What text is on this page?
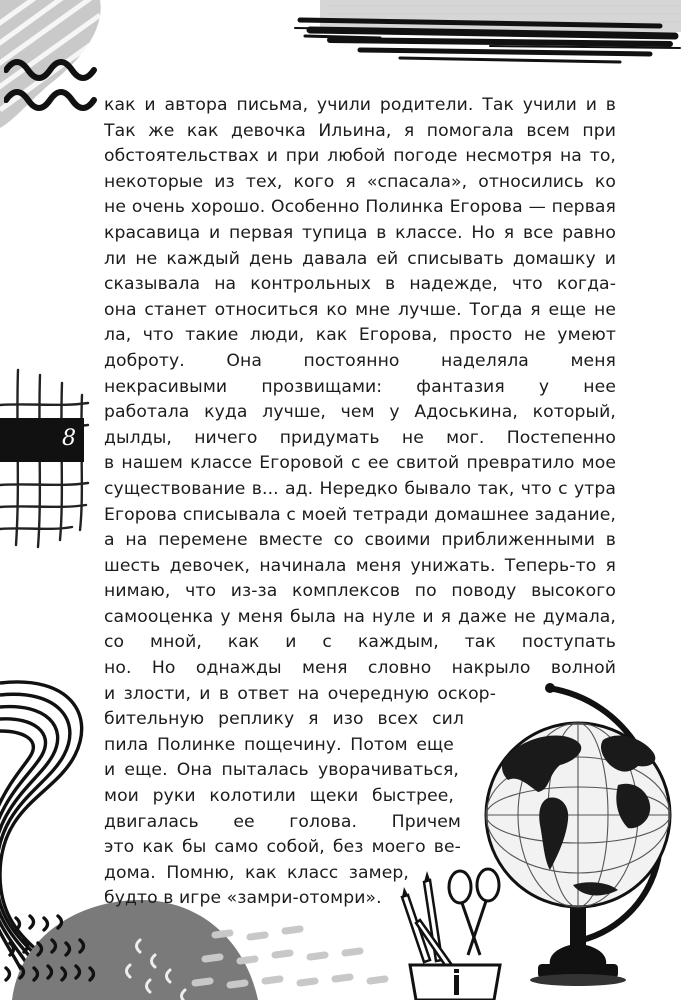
8
как и автора письма, учили родители. Так учили и в
Так же как девочка Ильина, я помогала всем при
обстоятельствах и при любой погоде несмотря на то,
некоторые из тех, кого я «спасала», относились ко
не очень хорошо. Особенно Полинка Егорова — первая
красавица и первая тупица в классе. Но я все равно
ли не каждый день давала ей списывать домашку и
сказывала на контрольных в надежде, что когда-
она станет относиться ко мне лучше. Тогда я еще не
ла, что такие люди, как Егорова, просто не умеют
доброту. Она постоянно наделяла меня
некрасивыми прозвищами: фантазия у нее
работала куда лучше, чем у Адоськина, который,
дылды, ничего придумать не мог. Постепенно
в нашем классе Егоровой с ее свитой превратило мое
существование в... ад. Нередко бывало так, что с утра
Егорова списывала с моей тетради домашнее задание,
а на перемене вместе со своими приближенными в
шесть девочек, начинала меня унижать. Теперь-то я
нимаю, что из-за комплексов по поводу высокого
самооценка у меня была на нуле и я даже не думала,
со мной, как и с каждым, так поступать
но. Но однажды меня словно накрыло волной
и злости, и в ответ на очередную оскор-
бительную реплику я изо всех сил
пила Полинке пощечину. Потом еще
и еще. Она пыталась уворачиваться,
мои руки колотили щеки быстрее,
двигалась ее голова. Причем
это как бы само собой, без моего ве-
дома. Помню, как класс замер,
будто в игре «замри-отомри».
